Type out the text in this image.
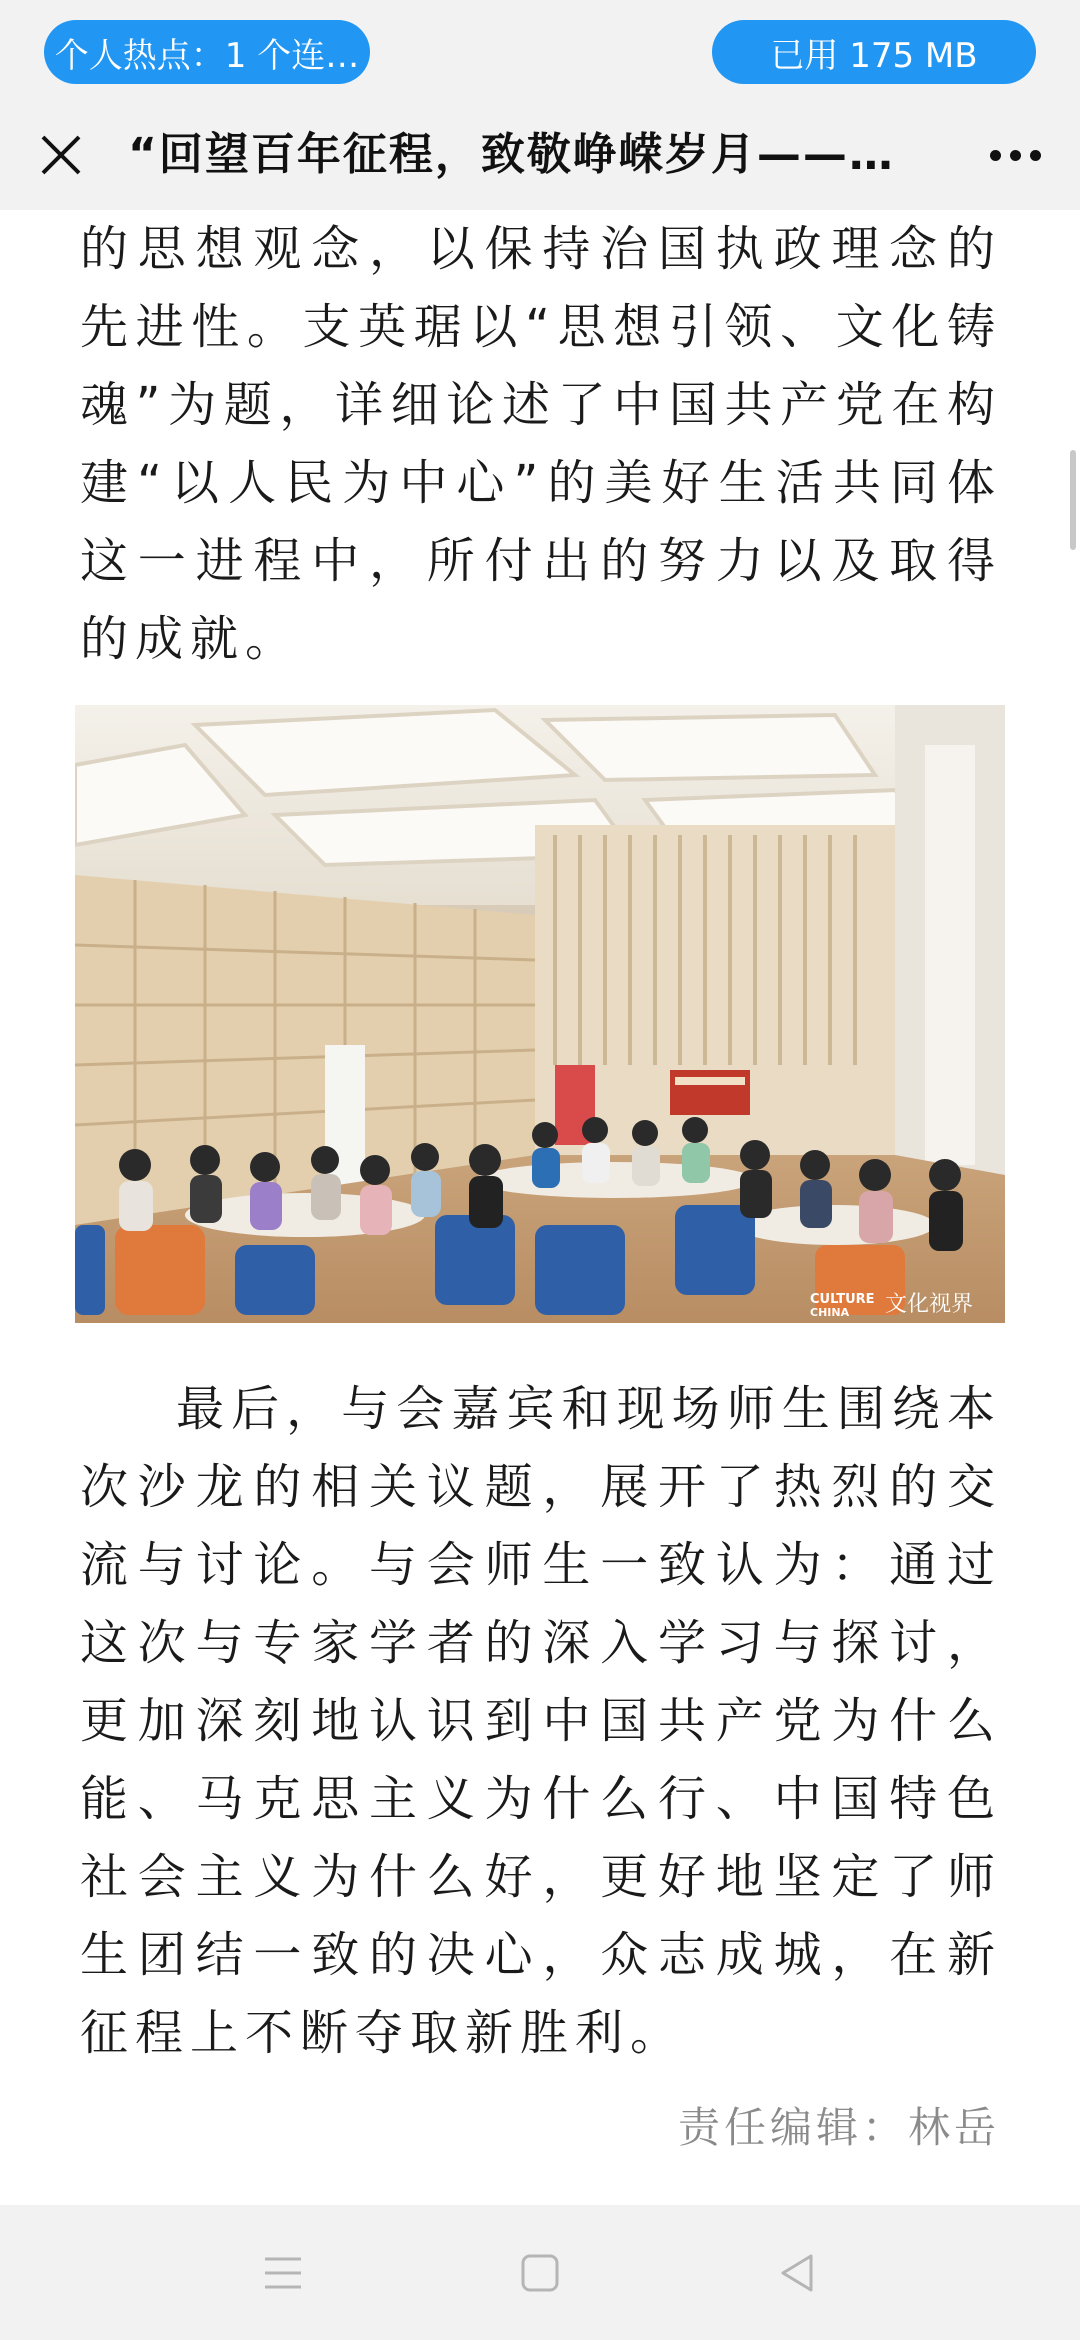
个人热点：1 个连…	已用 175 MB
“回望百年征程，致敬峥嵘岁月——…
的思想观念，以保持治国执政理念的先进性。支英琚以“思想引领、文化铸魂”为题，详细论述了中国共产党在构建“以人民为中心”的美好生活共同体这一进程中，所付出的努力以及取得的成就。
CULTURE
CHINA 文化视界
最后，与会嘉宾和现场师生围绕本次沙龙的相关议题，展开了热烈的交流与讨论。与会师生一致认为：通过这次与专家学者的深入学习与探讨，更加深刻地认识到中国共产党为什么能、马克思主义为什么行、中国特色社会主义为什么好，更好地坚定了师生团结一致的决心，众志成城，在新征程上不断夺取新胜利。
责任编辑：林岳
